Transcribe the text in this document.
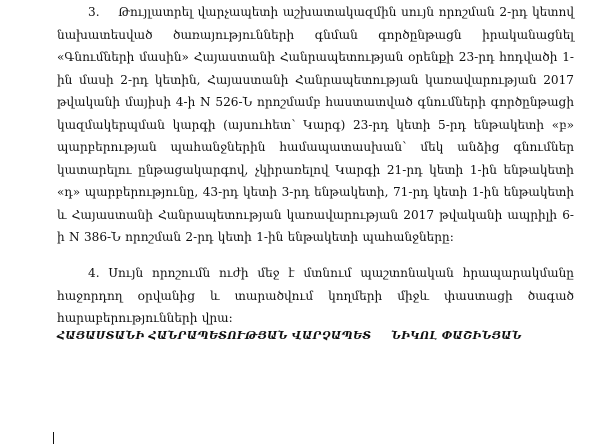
3.    Թույլատրել վարչապետի աշխատակազմին սույն որոշման 2-րդ կետով նախատեսված ծառայությունների գնման գործընթացն իրականացնել «Գնումների մասին» Հայաստանի Հանրապետության օրենքի 23-րդ հոդվածի 1-ին մասի 2-րդ կետին, Հայաստանի Հանրապետության կառավարության 2017 թվականի մայիսի 4-ի N 526-Ն որոշմամբ հաստատված գնումների գործընթացի կազմակերպման կարգի (այսուհետ՝ Կարգ) 23-րդ կետի 5-րդ ենթակետի «բ» պարբերության պահանջներին համապատասխան՝ մեկ անձից գնումներ կատարելու ընթացակարգով, չկիրառելով Կարգի 21-րդ կետի 1-ին ենթակետի «դ» պարբերությունը, 43-րդ կետի 3-րդ ենթակետի, 71-րդ կետի 1-ին ենթակետի և Հայաստանի Հանրապետության կառավարության 2017 թվականի ապրիլի 6-ի N 386-Ն որոշման 2-րդ կետի 1-ին ենթակետի պահանջները:

4. Սույն որոշումն ուժի մեջ է մտնում պաշտոնական հրապարակմանը հաջորդող օրվանից և տարածվում կողմերի միջև փաստացի ծագած հարաբերությունների վրա:

ՀԱՅԱՍՏԱՆԻ ՀԱՆՐԱՊԵՏՈՒԹՅԱՆ ՎԱՐՉԱՊԵՏ ՆԻԿՈԼ ՓԱՇԻՆՅԱՆ
